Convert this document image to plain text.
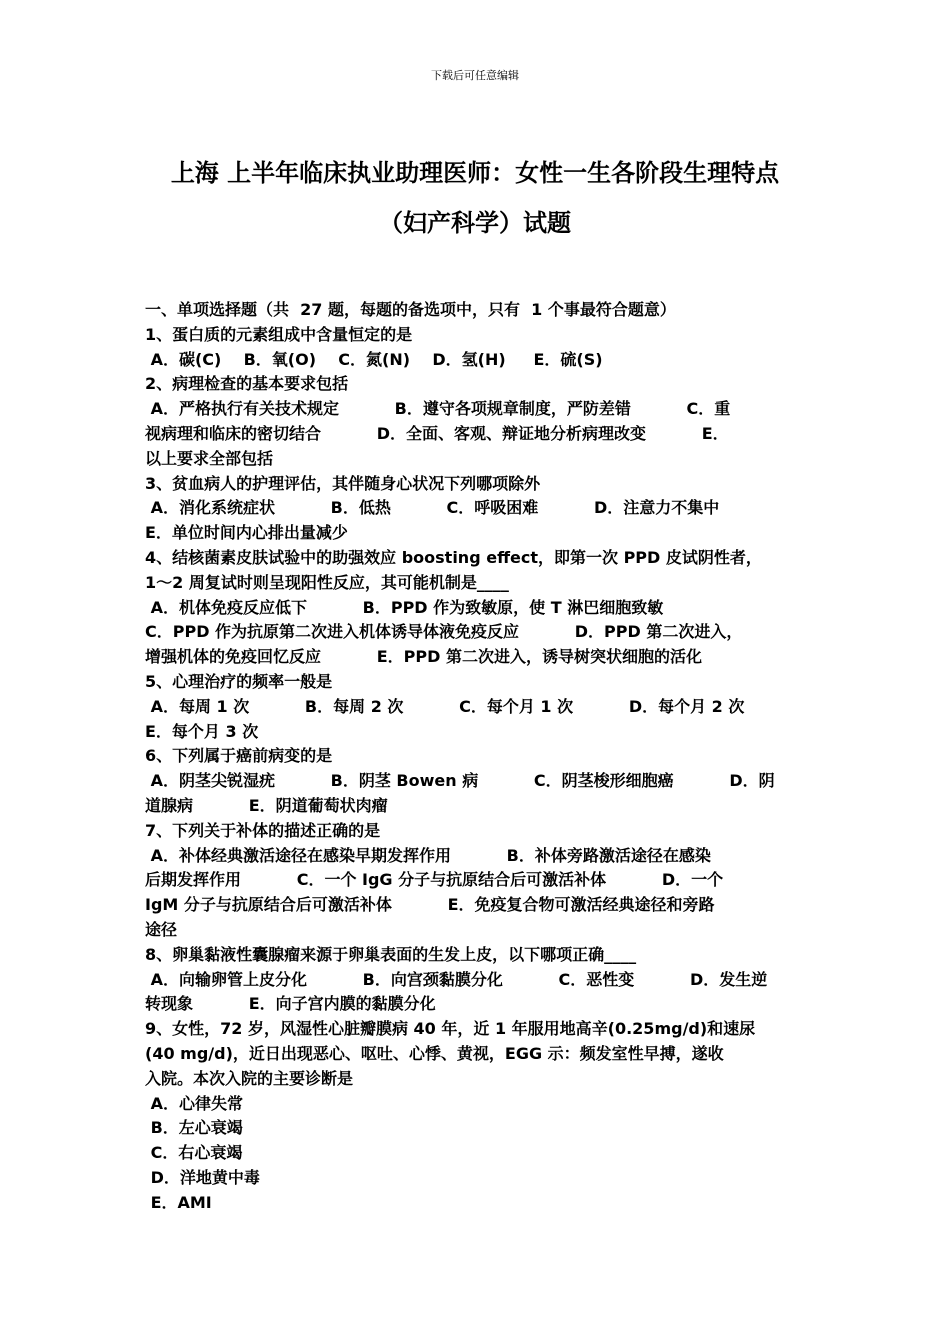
下载后可任意编辑
上海 上半年临床执业助理医师：女性一生各阶段生理特点
（妇产科学）试题
一、单项选择题（共  27 题，每题的备选项中，只有  1 个事最符合题意）
1、蛋白质的元素组成中含量恒定的是
A．碳(C)    B．氧(O)    C．氮(N)    D．氢(H)     E．硫(S)
2、病理检查的基本要求包括
A．严格执行有关技术规定          B．遵守各项规章制度，严防差错          C．重
视病理和临床的密切结合          D．全面、客观、辩证地分析病理改变          E．
以上要求全部包括
3、贫血病人的护理评估，其伴随身心状况下列哪项除外
A．消化系统症状          B．低热          C．呼吸困难          D．注意力不集中
E．单位时间内心排出量减少
4、结核菌素皮肤试验中的助强效应 boosting effect，即第一次 PPD 皮试阴性者，
1～2 周复试时则呈现阳性反应，其可能机制是____
A．机体免疫反应低下          B．PPD 作为致敏原，使 T 淋巴细胞致敏
C．PPD 作为抗原第二次进入机体诱导体液免疫反应          D．PPD 第二次进入，
增强机体的免疫回忆反应          E．PPD 第二次进入，诱导树突状细胞的活化
5、心理治疗的频率一般是
A．每周 1 次          B．每周 2 次          C．每个月 1 次          D．每个月 2 次
E．每个月 3 次
6、下列属于癌前病变的是
A．阴茎尖锐湿疣          B．阴茎 Bowen 病          C．阴茎梭形细胞癌          D．阴
道腺病          E．阴道葡萄状肉瘤
7、下列关于补体的描述正确的是
A．补体经典激活途径在感染早期发挥作用          B．补体旁路激活途径在感染
后期发挥作用          C．一个 IgG 分子与抗原结合后可激活补体          D．一个
IgM 分子与抗原结合后可激活补体          E．免疫复合物可激活经典途径和旁路
途径
8、卵巢黏液性囊腺瘤来源于卵巢表面的生发上皮，以下哪项正确____
A．向输卵管上皮分化          B．向宫颈黏膜分化          C．恶性变          D．发生逆
转现象          E．向子宫内膜的黏膜分化
9、女性，72 岁，风湿性心脏瓣膜病 40 年，近 1 年服用地高辛(0.25mg/d)和速尿
(40 mg/d)，近日出现恶心、呕吐、心悸、黄视，EGG 示：频发室性早搏，遂收
入院。本次入院的主要诊断是
A．心律失常
B．左心衰竭
C．右心衰竭
D．洋地黄中毒
E．AMI
